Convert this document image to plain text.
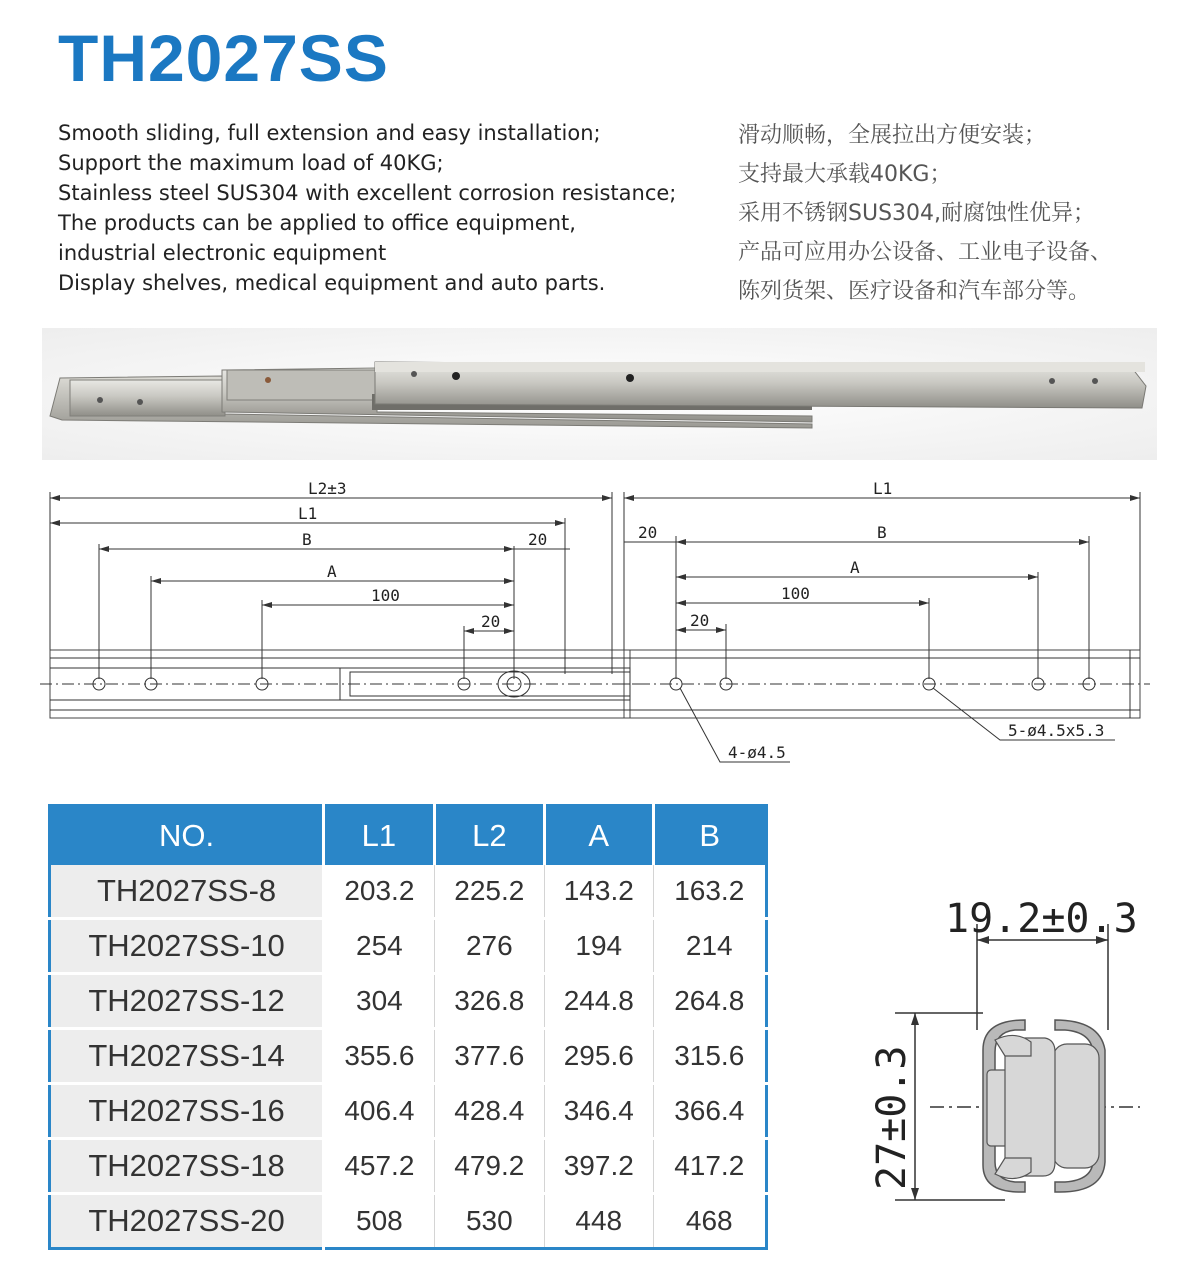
TH2027SS
Smooth sliding, full extension and easy installation;
Support the maximum load of 40KG;
Stainless steel SUS304 with excellent corrosion resistance;
The products can be applied to office equipment,
industrial electronic equipment
Display shelves, medical equipment and auto parts.
滑动顺畅，全展拉出方便安装；
支持最大承载40KG；
采用不锈钢SUS304,耐腐蚀性优异；
产品可应用办公设备、工业电子设备、
陈列货架、医疗设备和汽车部分等。
L2±3
L1
B	20
A
100
20
L1
20	B
A
100
20
4-ø4.5
5-ø4.5x5.3
NO.	L1	L2	A	B
TH2027SS-8	203.2	225.2	143.2	163.2
TH2027SS-10	254	276	194	214
TH2027SS-12	304	326.8	244.8	264.8
TH2027SS-14	355.6	377.6	295.6	315.6
TH2027SS-16	406.4	428.4	346.4	366.4
TH2027SS-18	457.2	479.2	397.2	417.2
TH2027SS-20	508	530	448	468
19.2±0.3
27±0.3
